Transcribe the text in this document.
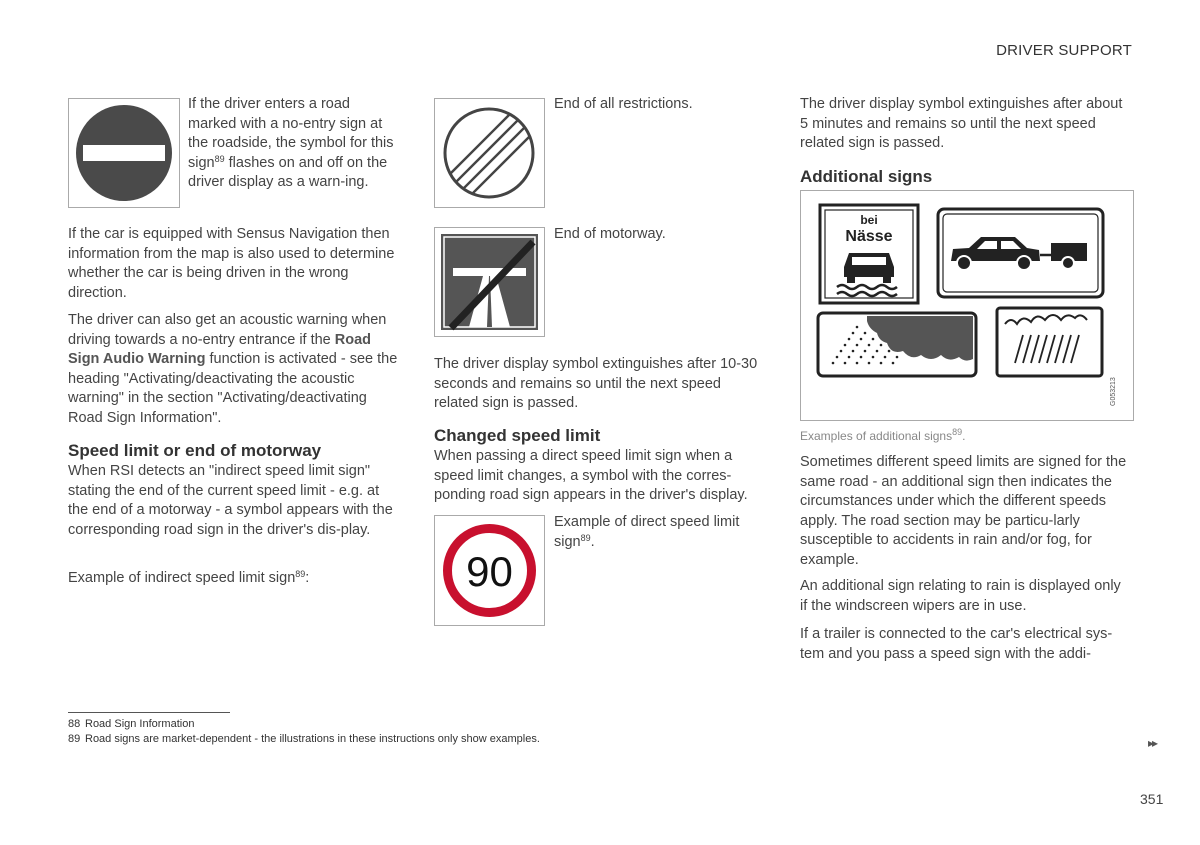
DRIVER SUPPORT

If the driver enters a road marked with a no-entry sign at the roadside, the symbol for this sign$^{89}$ flashes on and off on the driver display as a warn-ing.

If the car is equipped with Sensus Navigation then information from the map is also used to determine whether the car is being driven in the wrong direction.

The driver can also get an acoustic warning when driving towards a no-entry entrance if the Road Sign Audio Warning function is activated - see the heading "Activating/deactivating the acoustic warning" in the section "Activating/deactivating Road Sign Information".

Speed limit or end of motorway

When RSI detects an "indirect speed limit sign" stating the end of the current speed limit - e.g. at the end of a motorway - a symbol appears with the corresponding road sign in the driver's dis-play.

Example of indirect speed limit sign$^{89}$:

End of all restrictions.

End of motorway.

The driver display symbol extinguishes after 10-30 seconds and remains so until the next speed related sign is passed.

Changed speed limit

When passing a direct speed limit sign when a speed limit changes, a symbol with the corres-ponding road sign appears in the driver's display.

90

Example of direct speed limit sign$^{89}$.

The driver display symbol extinguishes after about 5 minutes and remains so until the next speed related sign is passed.

Additional signs
bei
Nässe
G053213

Examples of additional signs$^{89}$.

Sometimes different speed limits are signed for the same road - an additional sign then indicates the circumstances under which the different speeds apply. The road section may be particu-larly susceptible to accidents in rain and/or fog, for example.

An additional sign relating to rain is displayed only if the windscreen wipers are in use.

If a trailer is connected to the car's electrical sys-tem and you pass a speed sign with the addi-

88 Road Sign Information
89 Road signs are market-dependent - the illustrations in these instructions only show examples.	▸▸
351
